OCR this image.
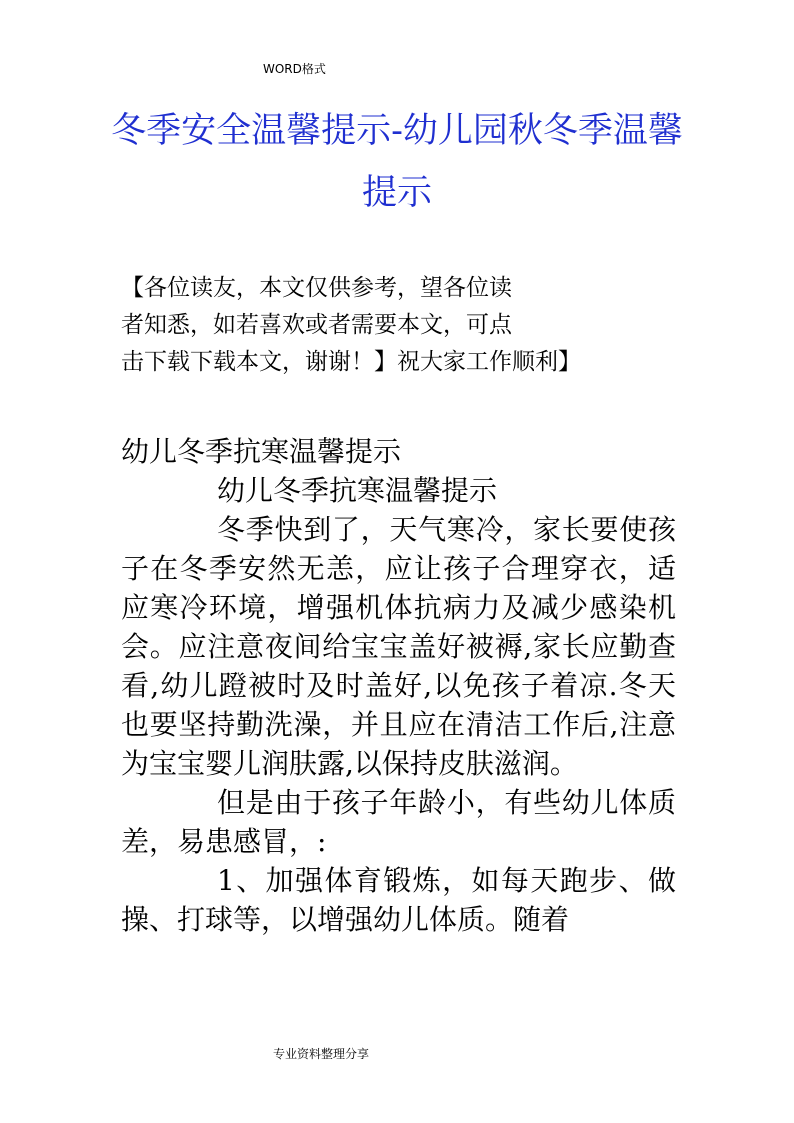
WORD格式
冬季安全温馨提示-幼儿园秋冬季温馨提示
【各位读友，本文仅供参考，望各位读
者知悉，如若喜欢或者需要本文，可点
击下载下载本文，谢谢！】祝大家工作顺利】

幼儿冬季抗寒温馨提示

幼儿冬季抗寒温馨提示

冬季快到了，天气寒冷，家长要使孩子在冬季安然无恙，应让孩子合理穿衣，适应寒冷环境，增强机体抗病力及减少感染机会。应注意夜间给宝宝盖好被褥,家长应勤查看,幼儿蹬被时及时盖好,以免孩子着凉.冬天也要坚持勤洗澡，并且应在清洁工作后,注意为宝宝婴儿润肤露,以保持皮肤滋润。

但是由于孩子年龄小，有些幼儿体质差，易患感冒，:

1、加强体育锻炼，如每天跑步、做操、打球等，以增强幼儿体质。随着

专业资料整理分享
